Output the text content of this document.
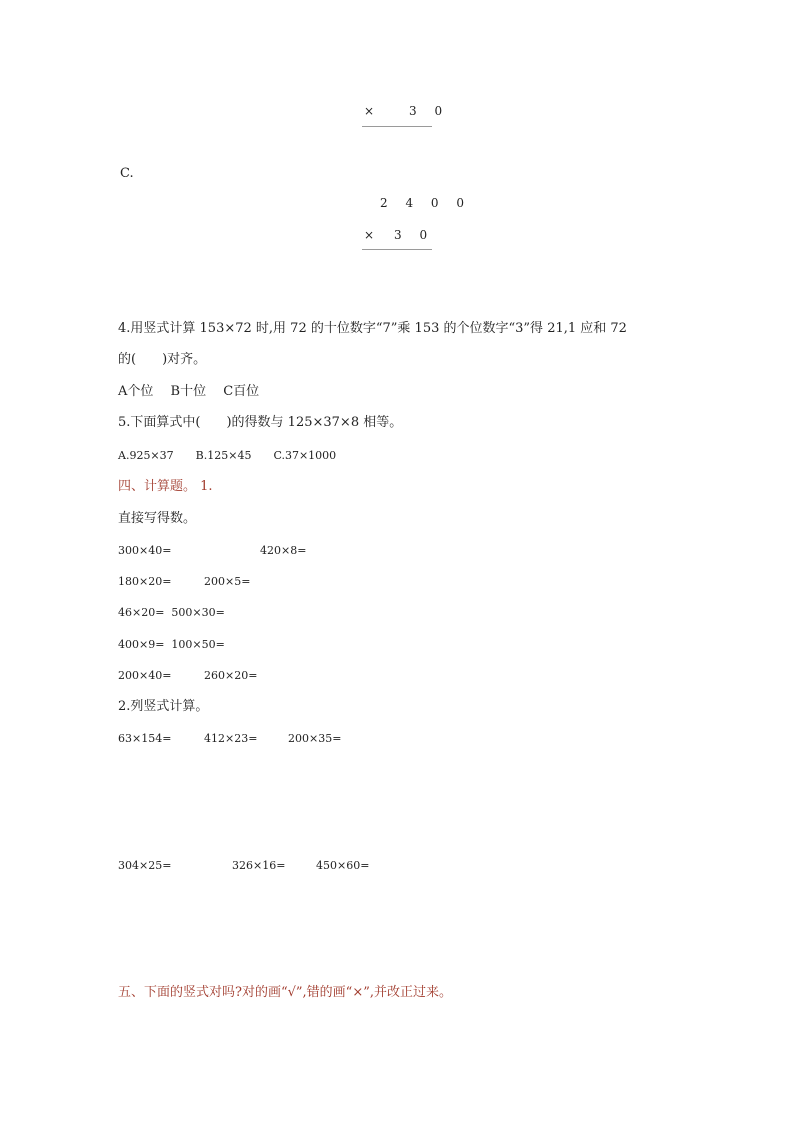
× 3 0
C.
2 4 0 0
× 3 0
4.用竖式计算 153×72 时,用 72 的十位数字“7”乘 153 的个位数字“3”得 21,1 应和 72
的(　　)对齐。
A个位　 B十位　 C百位
5.下面算式中(　　)的得数与 125×37×8 相等。
A.925×37　　B.125×45　　C.37×1000
四、计算题。 1.
直接写得数。
300×40=	420×8=
180×20=	200×5=
46×20=  500×30=
400×9=  100×50=
200×40=	260×20=
2.列竖式计算。
63×154=	412×23=	200×35=
304×25=	326×16=	450×60=
五、下面的竖式对吗?对的画“√”,错的画“×”,并改正过来。
